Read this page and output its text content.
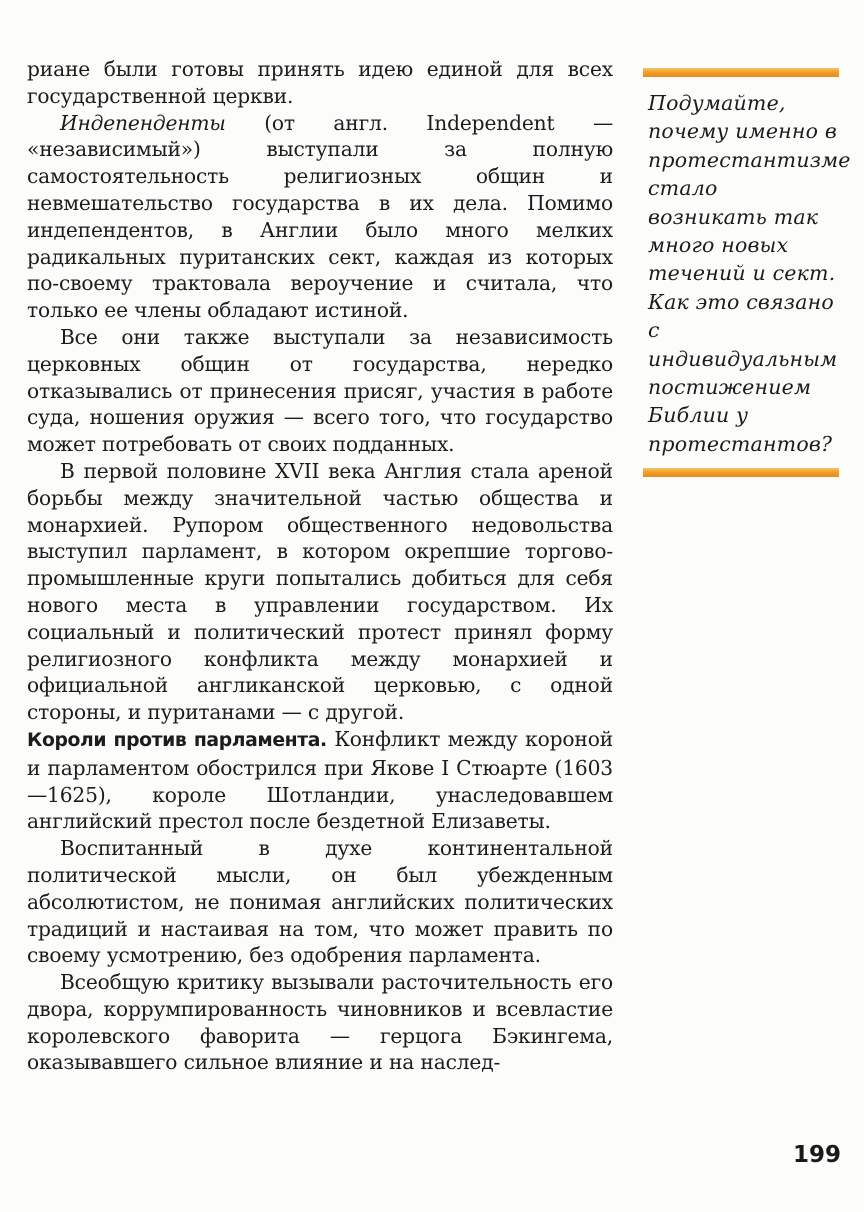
риане были готовы принять идею единой для всех государственной церкви.

Индепенденты (от англ. Independent — «независимый») выступали за полную самостоятельность религиозных общин и невмешательство государства в их дела. Помимо индепендентов, в Англии было много мелких радикальных пуританских сект, каждая из которых по-своему трактовала вероучение и считала, что только ее члены обладают истиной.

Все они также выступали за независимость церковных общин от государства, нередко отказывались от принесения присяг, участия в работе суда, ношения оружия — всего того, что государство может потребовать от своих подданных.

В первой половине XVII века Англия стала ареной борьбы между значительной частью общества и монархией. Рупором общественного недовольства выступил парламент, в котором окрепшие торгово-промышленные круги попытались добиться для себя нового места в управлении государством. Их социальный и политический протест принял форму религиозного конфликта между монархией и официальной англиканской церковью, с одной стороны, и пуританами — с другой.

Короли против парламента. Конфликт между короной и парламентом обострился при Якове I Стюарте (1603—1625), короле Шотландии, унаследовавшем английский престол после бездетной Елизаветы.

Воспитанный в духе континентальной политической мысли, он был убежденным абсолютистом, не понимая английских политических традиций и настаивая на том, что может править по своему усмотрению, без одобрения парламента.

Всеобщую критику вызывали расточительность его двора, коррумпированность чиновников и всевластие королевского фаворита — герцога Бэкингема, оказывавшего сильное влияние и на наслед-

Подумайте, почему именно в протестантизме стало возникать так много новых течений и сект. Как это связано с индивидуальным постижением Библии у протестантов?

199
